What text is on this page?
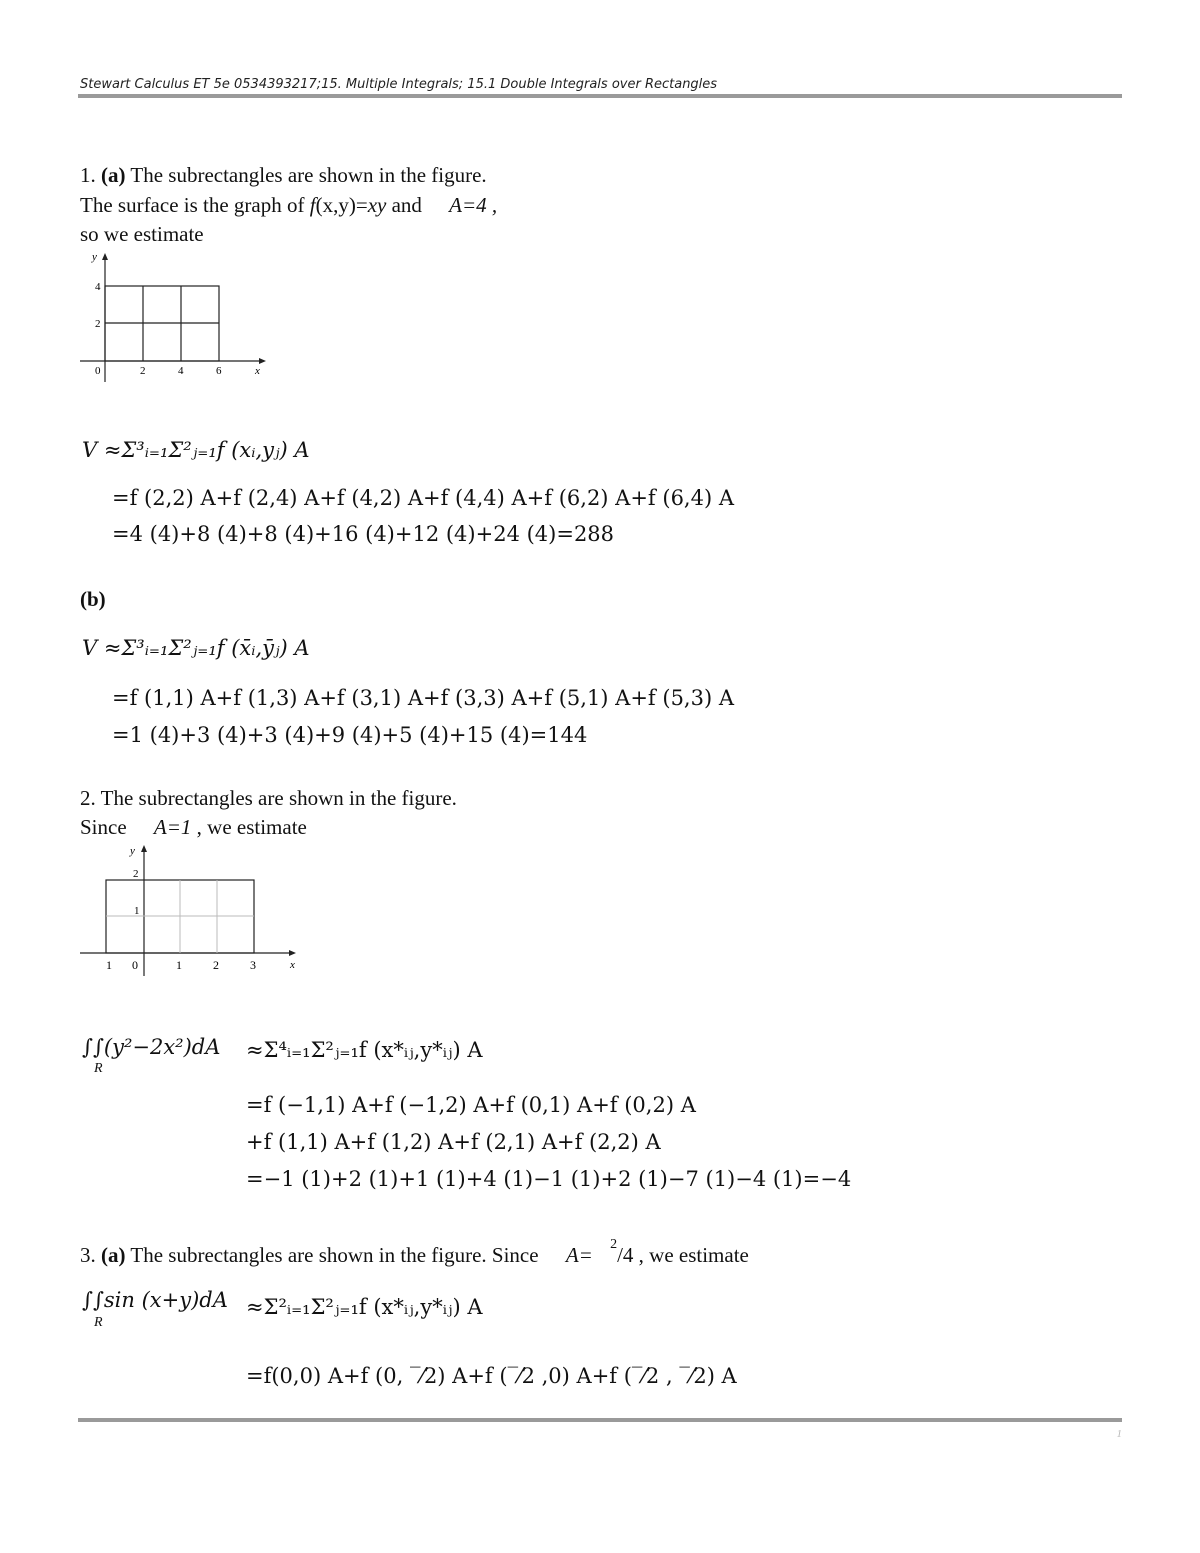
Stewart Calculus ET 5e 0534393217;15. Multiple Integrals; 15.1 Double Integrals over Rectangles
1. (a) The subrectangles are shown in the figure.
The surface is the graph of f(x,y)=xy and A=4 ,
so we estimate
y
x
4
2
0	2	4	6
V ≈Σ³ᵢ₌₁Σ²ⱼ₌₁f (xᵢ,yⱼ) A
=f (2,2) A+f (2,4) A+f (4,2) A+f (4,4) A+f (6,2) A+f (6,4) A
=4 (4)+8 (4)+8 (4)+16 (4)+12 (4)+24 (4)=288
(b)
V ≈Σ³ᵢ₌₁Σ²ⱼ₌₁f (x̄ᵢ,ȳⱼ) A
=f (1,1) A+f (1,3) A+f (3,1) A+f (3,3) A+f (5,1) A+f (5,3) A
=1 (4)+3 (4)+3 (4)+9 (4)+5 (4)+15 (4)=144
2. The subrectangles are shown in the figure.
Since A=1 , we estimate
y
x
2
1
1 0	1	2	3
∫∫(y²−2x²)dA
R
≈Σ⁴ᵢ₌₁Σ²ⱼ₌₁f (x*ᵢⱼ,y*ᵢⱼ) A
=f (−1,1) A+f (−1,2) A+f (0,1) A+f (0,2) A
+f (1,1) A+f (1,2) A+f (2,1) A+f (2,2) A
=−1 (1)+2 (1)+1 (1)+4 (1)−1 (1)+2 (1)−7 (1)−4 (1)=−4
3. (a) The subrectangles are shown in the figure. Since A= $^2$/4 , we estimate
∫∫sin (x+y)dA
R
≈Σ²ᵢ₌₁Σ²ⱼ₌₁f (x*ᵢⱼ,y*ᵢⱼ) A
=f(0,0) A+f (0, ‾⁄2) A+f (‾⁄2 ,0) A+f (‾⁄2 , ‾⁄2) A
1
